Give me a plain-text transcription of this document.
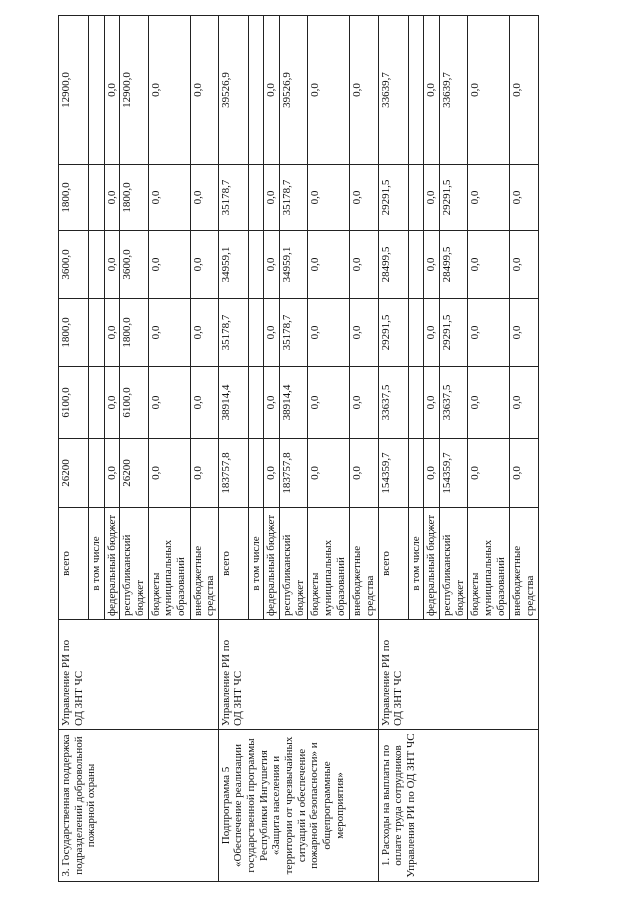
3. Государственная поддержка подразделений добровольной пожарной охраны	Управление РИ по ОД ЗНТ ЧС	всего	26200	6100,0	1800,0	3600,0	1800,0	12900,0
		в том числе						
		федеральный бюджет	0,0	0,0	0,0	0,0	0,0	0,0
		республиканский бюджет	26200	6100,0	1800,0	3600,0	1800,0	12900,0
		бюджеты муниципальных образований	0,0	0,0	0,0	0,0	0,0	0,0
		внебюджетные средства	0,0	0,0	0,0	0,0	0,0	0,0
Подпрограмма 5 «Обеспечение реализации государственной программы Республики Ингушетия «Защита населения и территории от чрезвычайных ситуаций и обеспечение пожарной безопасности» и общепрограммные мероприятия»	Управление РИ по ОД ЗНТ ЧС	всего	183757,8	38914,4	35178,7	34959,1	35178,7	39526,9
		в том числе						
		федеральный бюджет	0,0	0,0	0,0	0,0	0,0	0,0
		республиканский бюджет	183757,8	38914,4	35178,7	34959,1	35178,7	39526,9
		бюджеты муниципальных образований	0,0	0,0	0,0	0,0	0,0	0,0
		внебюджетные средства	0,0	0,0	0,0	0,0	0,0	0,0
1. Расходы на выплаты по оплате труда сотрудников Управления РИ по ОД ЗНТ ЧС	Управление РИ по ОД ЗНТ ЧС	всего	154359,7	33637,5	29291,5	28499,5	29291,5	33639,7
		в том числе						
		федеральный бюджет	0,0	0,0	0,0	0,0	0,0	0,0
		республиканский бюджет	154359,7	33637,5	29291,5	28499,5	29291,5	33639,7
		бюджеты муниципальных образований	0,0	0,0	0,0	0,0	0,0	0,0
		внебюджетные средства	0,0	0,0	0,0	0,0	0,0	0,0
